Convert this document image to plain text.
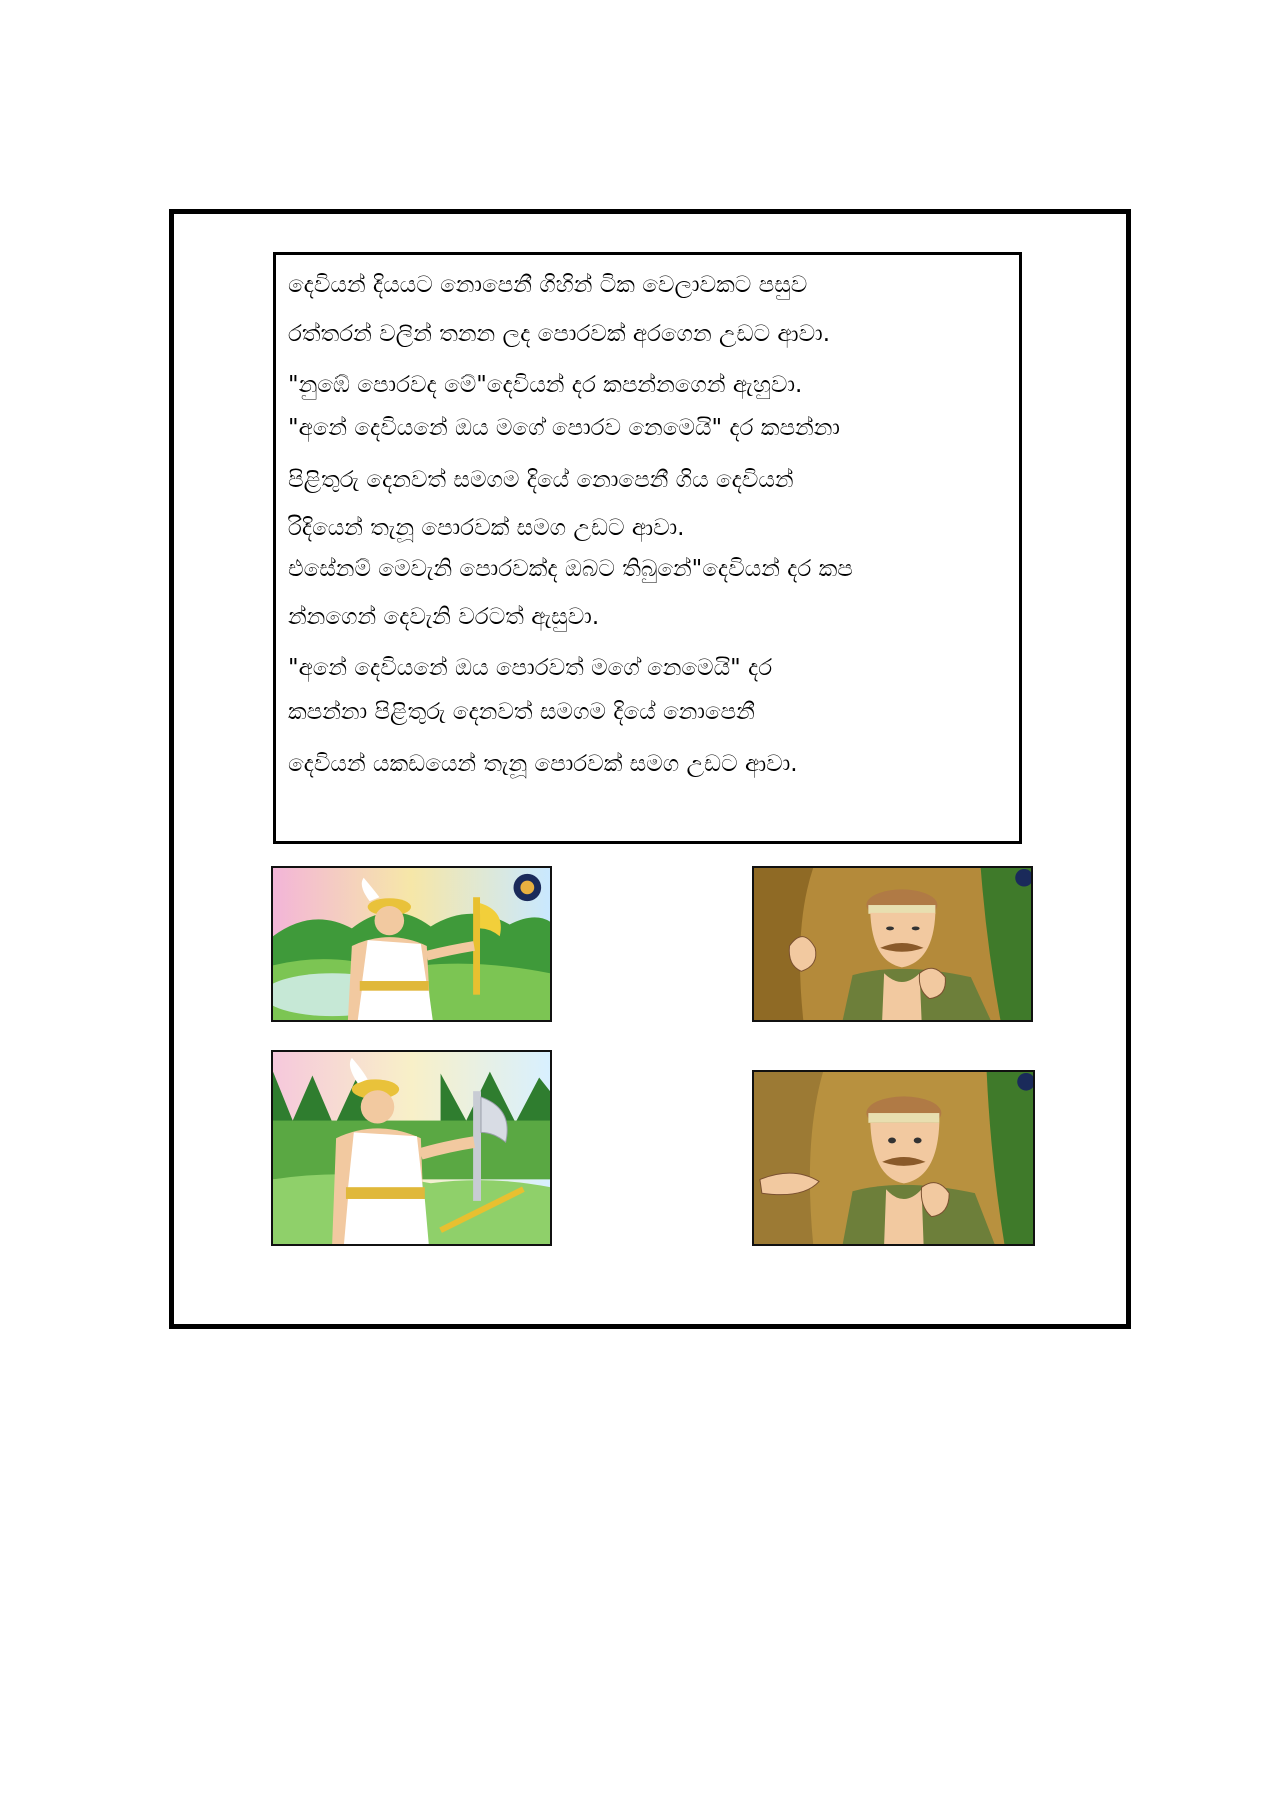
දෙවියන් දියයට නොපෙනී ගිහින් ටික වෙලාවකට පසුව
රත්තරන් වලින් තනන ලද පොරවක් අරගෙන උඩට ආවා.
"නුඹේ පොරවද මේ"දෙවියන් දර කපන්නගෙන් ඇහුවා.
"අනේ දෙවියනේ ඔය මගේ පොරව නෙමෙයි" දර කපන්නා
පිළිතුරු දෙනවත් සමගම දියේ නොපෙනී ගිය දෙවියන්
රිදියෙන් තැනූ පොරවක් සමග උඩට ආවා.
එසේනම් මෙවැනි පොරවක්ද ඔබට තිබුනේ"දෙවියන් දර කප
න්නගෙන් දෙවැනි වරටත් ඇසුවා.
"අනේ දෙවියනේ ඔය පොරවත් මගේ නෙමෙයි" දර
කපන්නා පිළිතුරු දෙනවත් සමගම දියේ නොපෙනී
දෙවියන් යකඩයෙන් තැනූ පොරවක් සමග උඩට ආවා.
